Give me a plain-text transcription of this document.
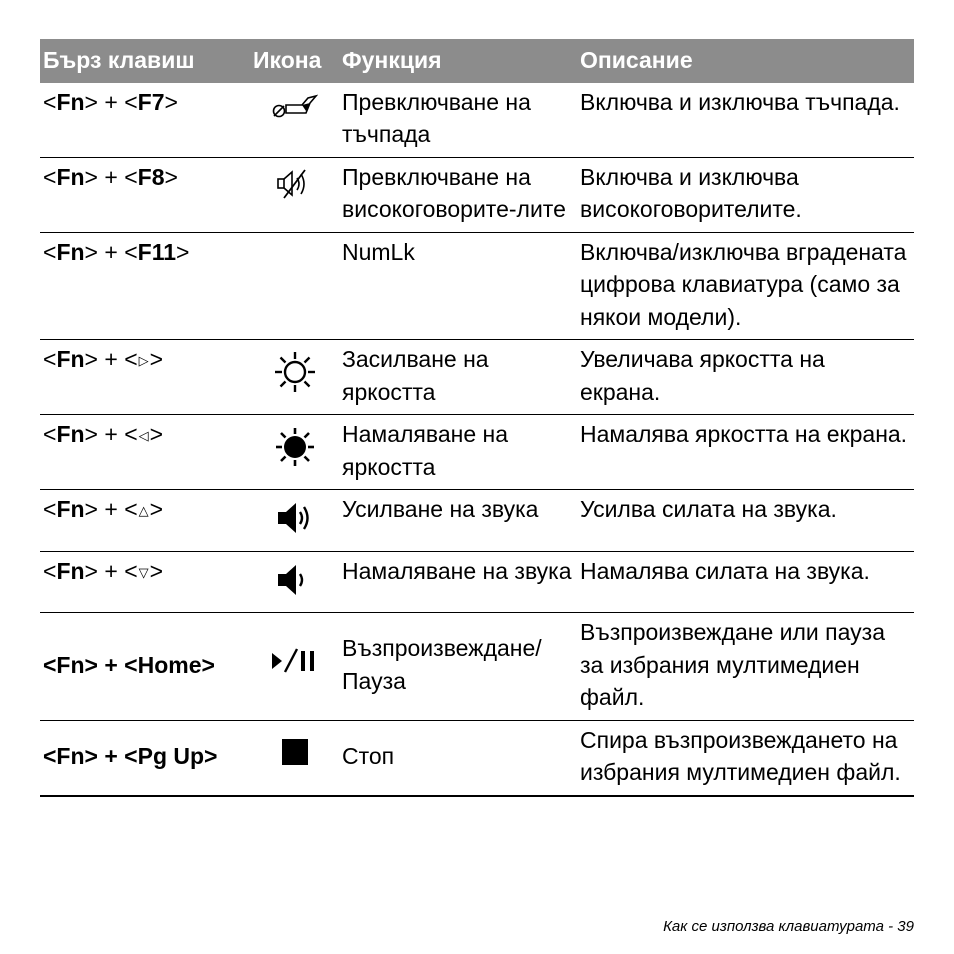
Бърз клавиш	Икона	Функция	Описание
<Fn> + <F7>		Превключване на тъчпада	Включва и изключва тъчпада.
<Fn> + <F8>		Превключване на високоговорите-лите	Включва и изключва високоговорителите.
<Fn> + <F11>		NumLk	Включва/изключва вградената цифрова клавиатура (само за някои модели).
<Fn> + <▷>		Засилване на яркостта	Увеличава яркостта на екрана.
<Fn> + <◁>		Намаляване на яркостта	Намалява яркостта на екрана.
<Fn> + <△>		Усилване на звука	Усилва силата на звука.
<Fn> + <▽>		Намаляване на звука	Намалява силата на звука.
<Fn> + <Home>		Възпроизвеждане/ Пауза	Възпроизвеждане или пауза за избрания мултимедиен файл.
<Fn> + <Pg Up>		Стоп	Спира възпроизвеждането на избрания мултимедиен файл.
Как се използва клавиатурата - 39
